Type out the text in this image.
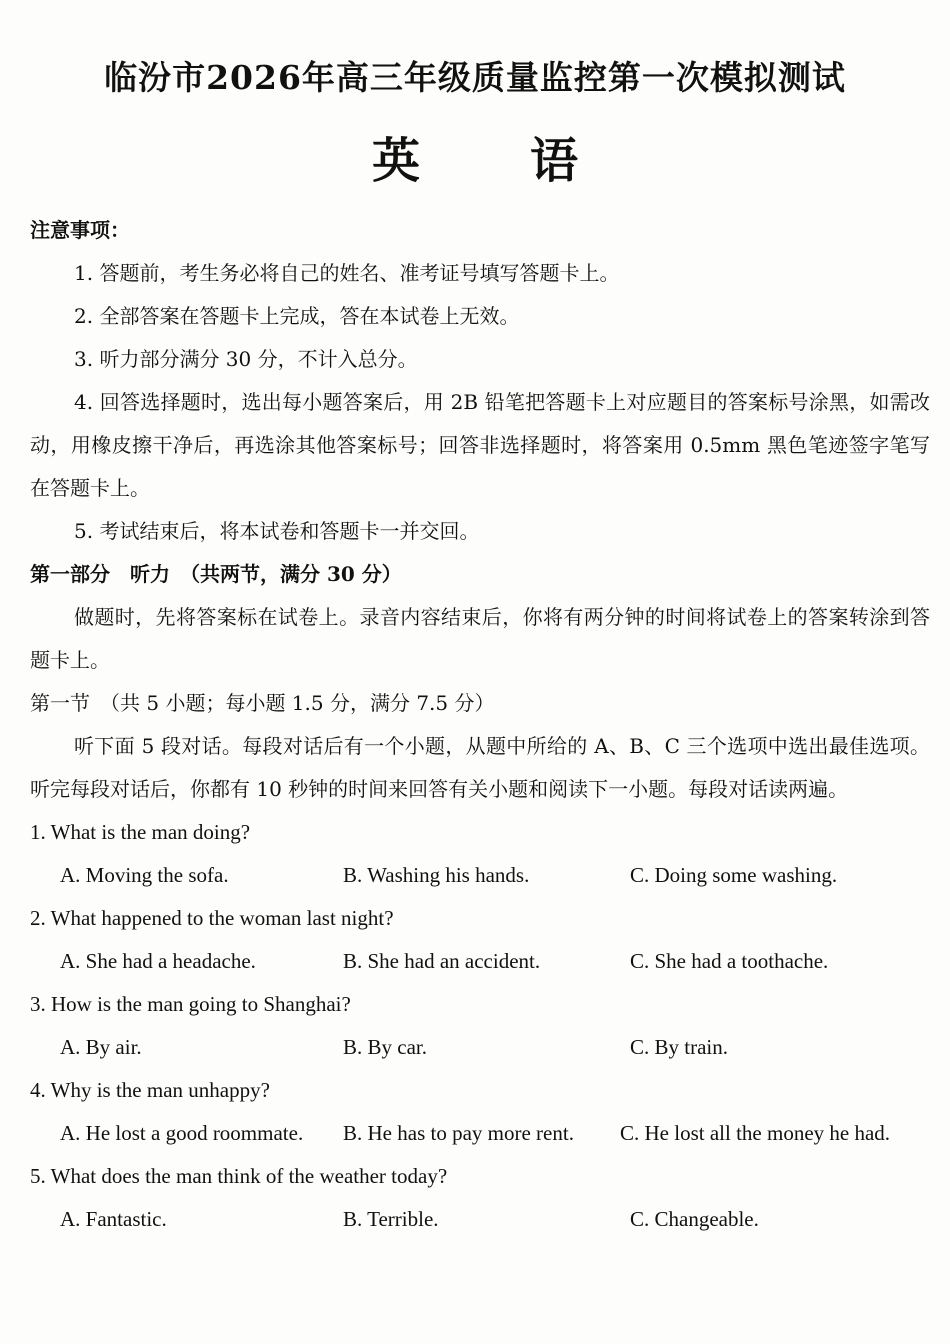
临汾市2026年高三年级质量监控第一次模拟测试
英 语
注意事项：
1. 答题前，考生务必将自己的姓名、准考证号填写答题卡上。
2. 全部答案在答题卡上完成，答在本试卷上无效。
3. 听力部分满分 30 分，不计入总分。
4. 回答选择题时，选出每小题答案后，用 2B 铅笔把答题卡上对应题目的答案标号涂黑，如需改动，用橡皮擦干净后，再选涂其他答案标号；回答非选择题时，将答案用 0.5mm 黑色笔迹签字笔写在答题卡上。
5. 考试结束后，将本试卷和答题卡一并交回。
第一部分　听力　（共两节，满分 30 分）
做题时，先将答案标在试卷上。录音内容结束后，你将有两分钟的时间将试卷上的答案转涂到答题卡上。
第一节　（共 5 小题；每小题 1.5 分，满分 7.5 分）
听下面 5 段对话。每段对话后有一个小题，从题中所给的 A、B、C 三个选项中选出最佳选项。听完每段对话后，你都有 10 秒钟的时间来回答有关小题和阅读下一小题。每段对话读两遍。
1. What is the man doing?
A. Moving the sofa.	B. Washing his hands.	C. Doing some washing.
2. What happened to the woman last night?
A. She had a headache.	B. She had an accident.	C. She had a toothache.
3. How is the man going to Shanghai?
A. By air.	B. By car.	C. By train.
4. Why is the man unhappy?
A. He lost a good roommate. B. He has to pay more rent. C. He lost all the money he had.
5. What does the man think of the weather today?
A. Fantastic.	B. Terrible.	C. Changeable.
